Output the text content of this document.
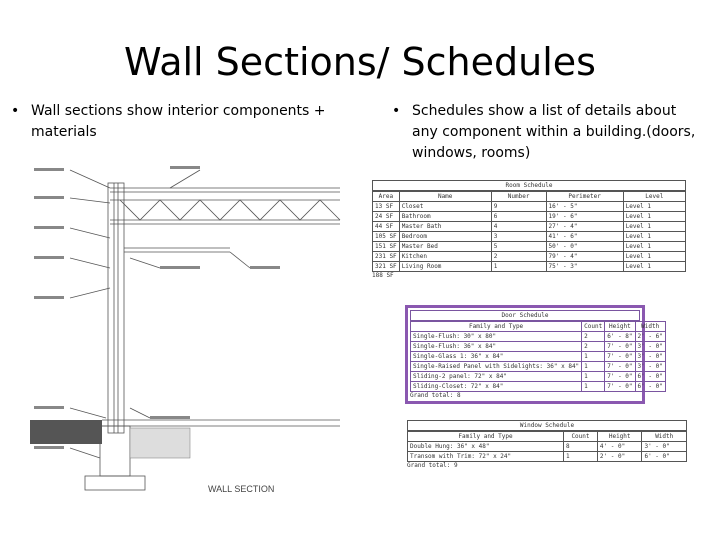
Wall Sections/ Schedules
• Wall sections show interior components + materials
• Schedules show a list of details about any component within a building.(doors, windows, rooms)
WALL SECTION
Room Schedule
Area	Name	Number	Perimeter	Level
13 SF	Closet	9	16' - 5"	Level 1
24 SF	Bathroom	6	19' - 6"	Level 1
44 SF	Master Bath	4	27' - 4"	Level 1
105 SF	Bedroom	3	41' - 6"	Level 1
151 SF	Master Bed	5	50' - 0"	Level 1
231 SF	Kitchen	2	79' - 4"	Level 1
321 SF	Living Room	1	75' - 3"	Level 1
188 SF
Door Schedule
Family and Type	Count	Height	Width
Single-Flush: 30" x 80"	2	6' - 8"	2' - 6"
Single-Flush: 36" x 84"	2	7' - 0"	3' - 0"
Single-Glass 1: 36" x 84"	1	7' - 0"	3' - 0"
Single-Raised Panel with Sidelights: 36" x 84"	1	7' - 0"	3' - 0"
Sliding-2 panel: 72" x 84"	1	7' - 0"	6' - 0"
Sliding-Closet: 72" x 84"	1	7' - 0"	6' - 0"
Grand total: 8
Window Schedule
Family and Type	Count	Height	Width
Double Hung: 36" x 48"	8	4' - 0"	3' - 0"
Transom with Trim: 72" x 24"	1	2' - 0"	6' - 0"
Grand total: 9
